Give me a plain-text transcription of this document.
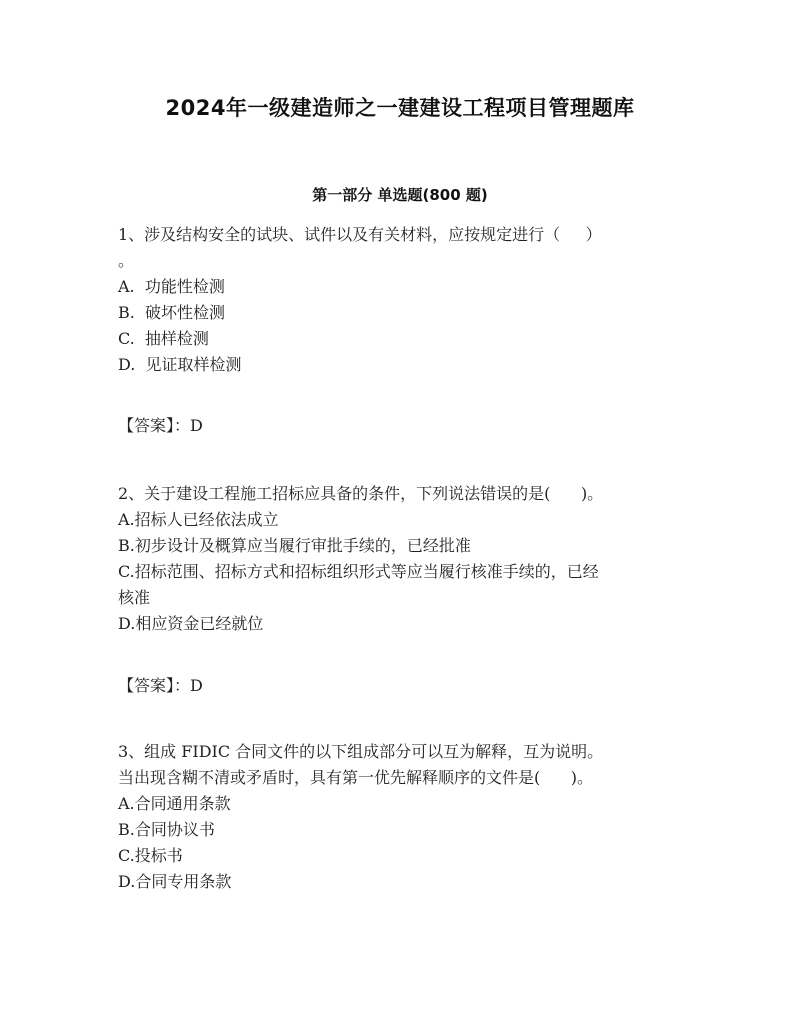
2024年一级建造师之一建建设工程项目管理题库
第一部分 单选题(800 题)
1、涉及结构安全的试块、试件以及有关材料，应按规定进行（     ）
。
A.  功能性检测
B.  破坏性检测
C.  抽样检测
D.  见证取样检测
【答案】：D
2、关于建设工程施工招标应具备的条件，下列说法错误的是(      )。
A.招标人已经依法成立
B.初步设计及概算应当履行审批手续的，已经批准
C.招标范围、招标方式和招标组织形式等应当履行核准手续的，已经
核准
D.相应资金已经就位
【答案】：D
3、组成 FIDIC 合同文件的以下组成部分可以互为解释，互为说明。
当出现含糊不清或矛盾时，具有第一优先解释顺序的文件是(      )。
A.合同通用条款
B.合同协议书
C.投标书
D.合同专用条款
